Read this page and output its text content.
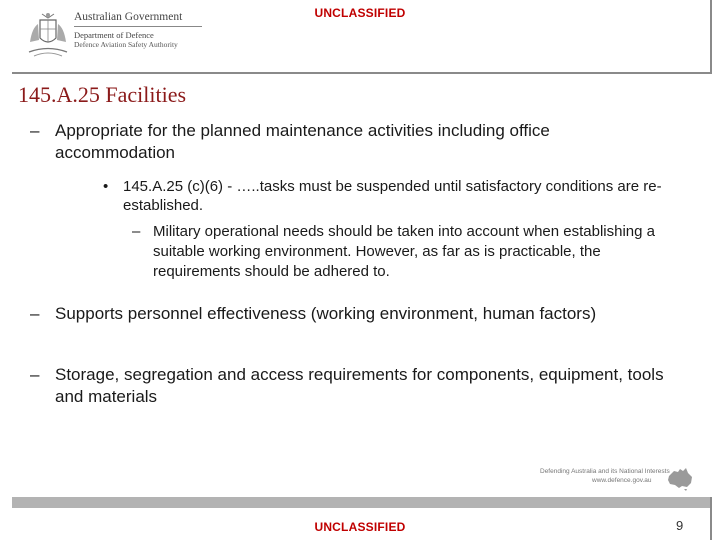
UNCLASSIFIED
Australian Government
Department of Defence
Defence Aviation Safety Authority
145.A.25 Facilities
– Appropriate for the planned maintenance activities including office accommodation
• 145.A.25 (c)(6) - …..tasks must be suspended until satisfactory conditions are re-established.
– Military operational needs should be taken into account when establishing a suitable working environment. However, as far as is practicable, the requirements should be adhered to.
– Supports personnel effectiveness (working environment, human factors)
– Storage, segregation and access requirements for components, equipment, tools and materials
Defending Australia and its National Interests
www.defence.gov.au
UNCLASSIFIED	9
